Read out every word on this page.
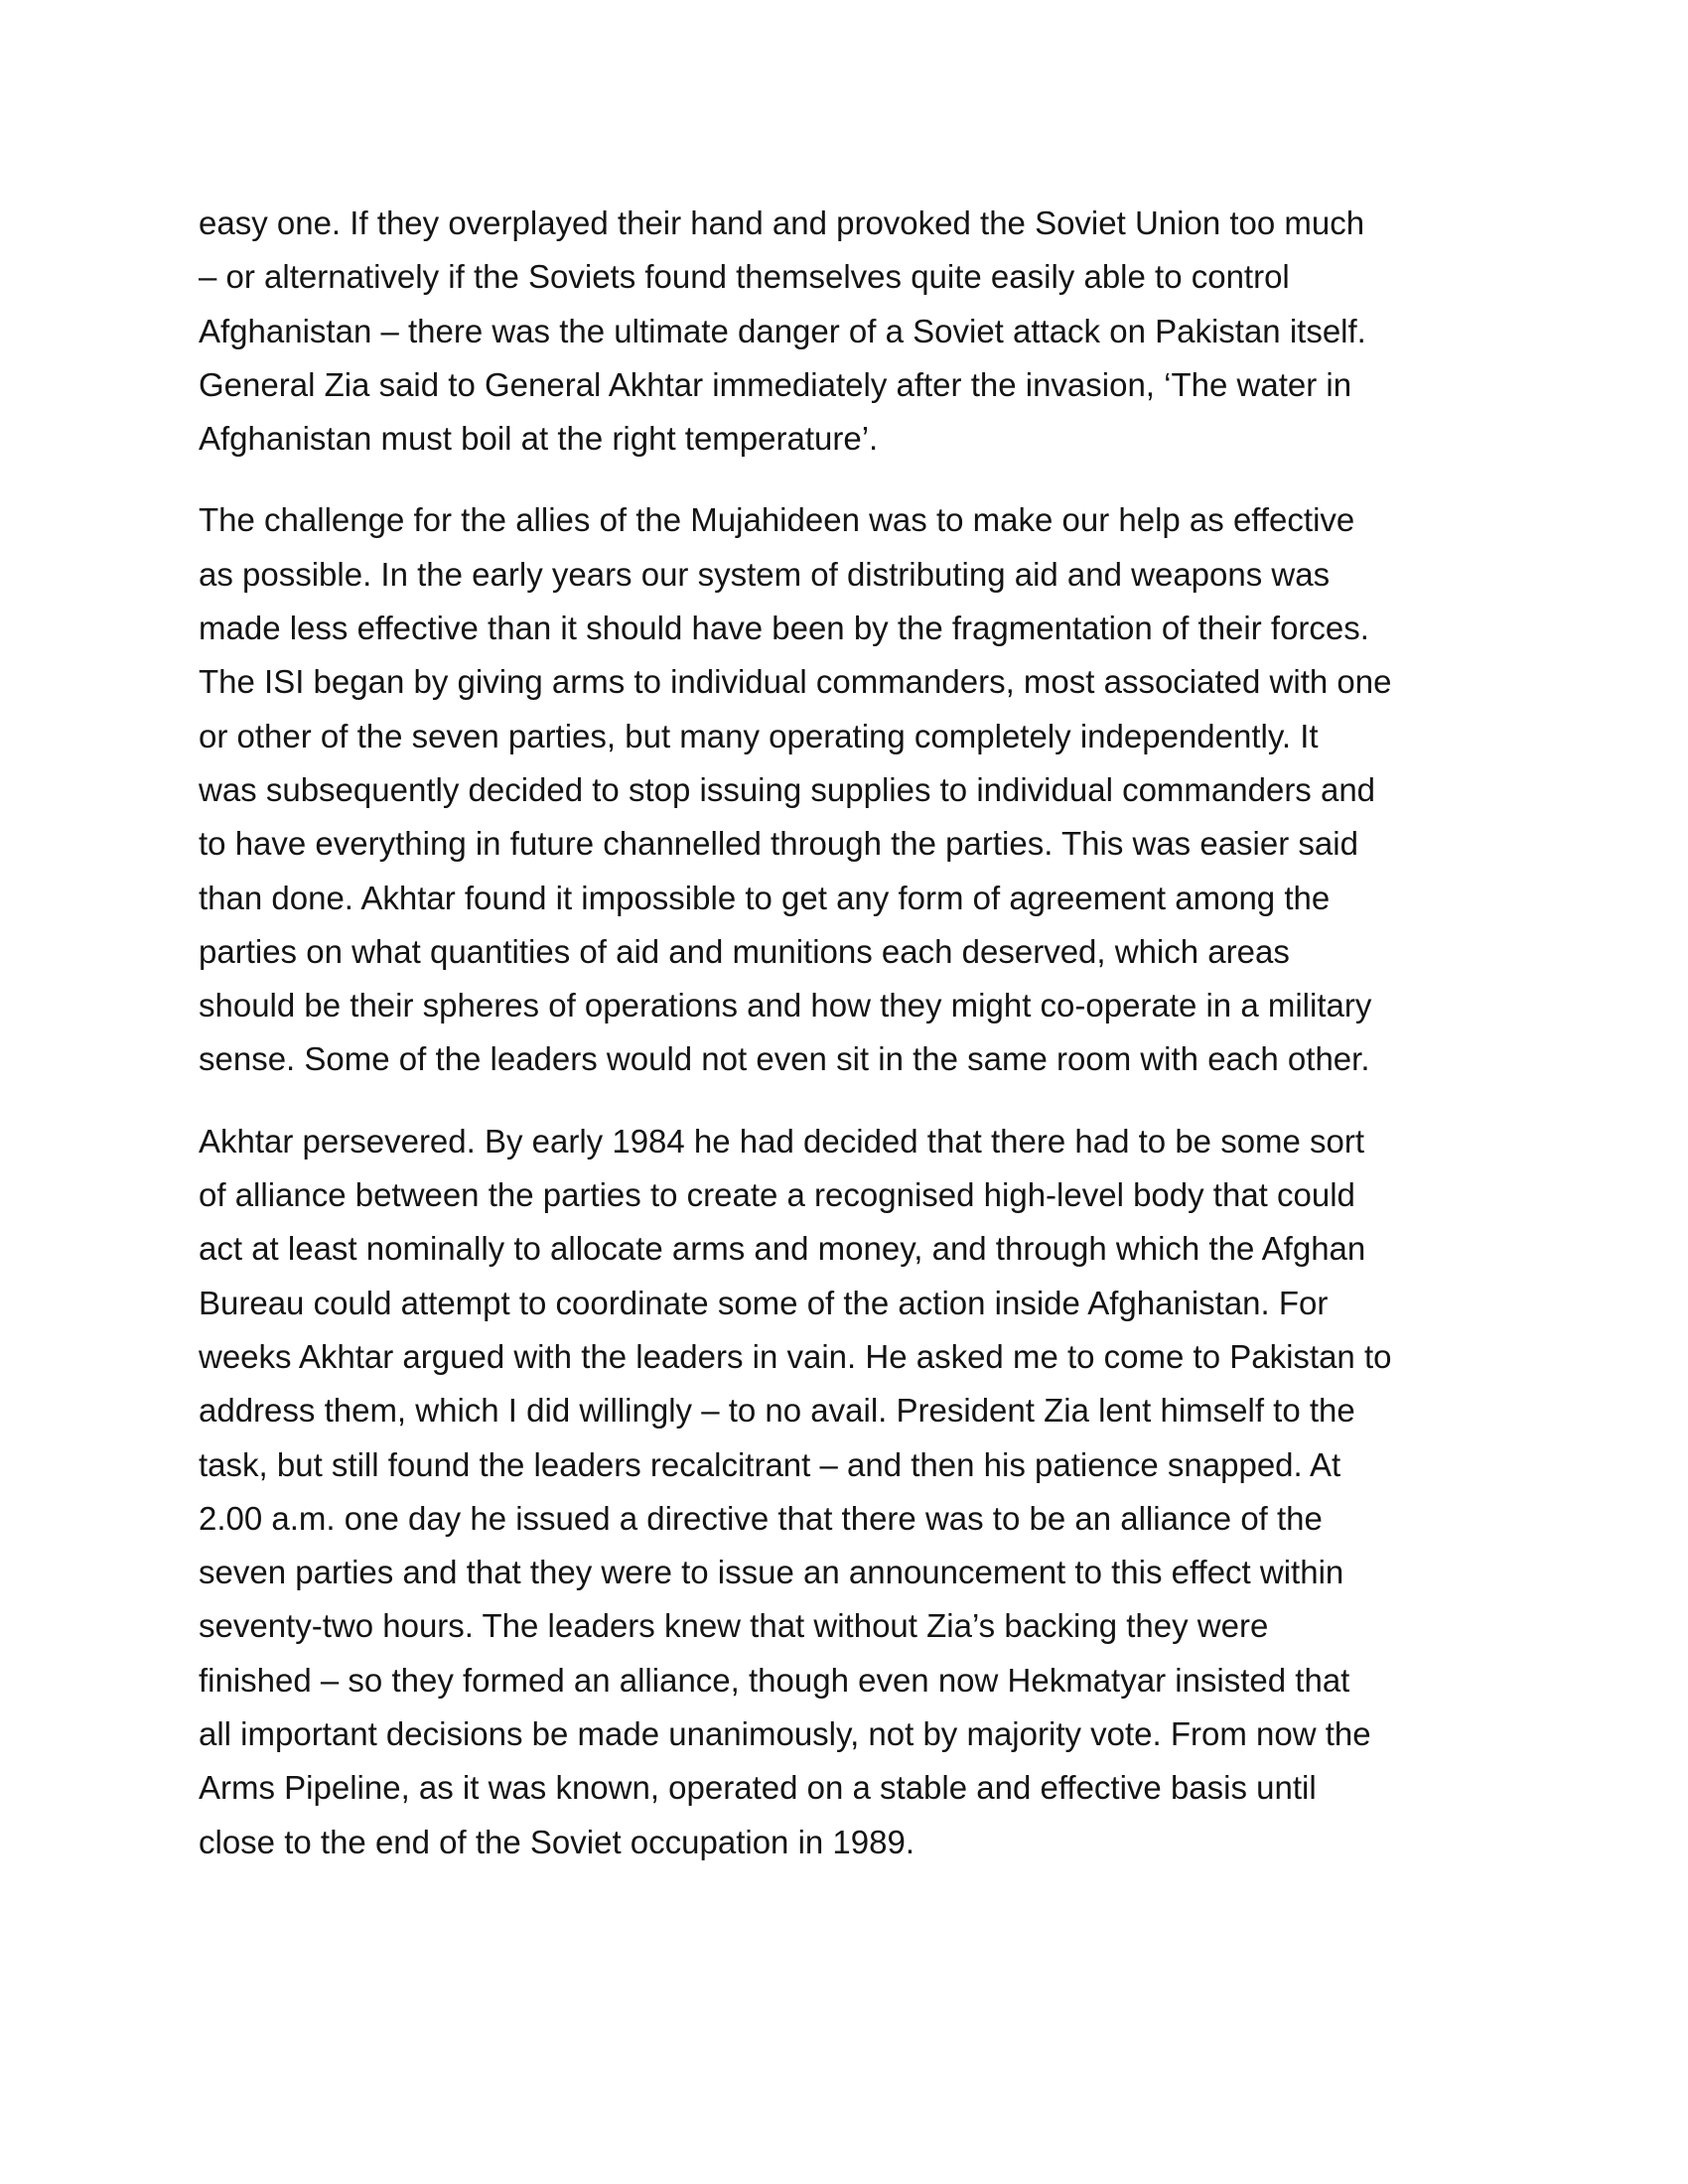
easy one. If they overplayed their hand and provoked the Soviet Union too much
– or alternatively if the Soviets found themselves quite easily able to control
Afghanistan – there was the ultimate danger of a Soviet attack on Pakistan itself.
General Zia said to General Akhtar immediately after the invasion, ‘The water in
Afghanistan must boil at the right temperature’.
The challenge for the allies of the Mujahideen was to make our help as effective
as possible. In the early years our system of distributing aid and weapons was
made less effective than it should have been by the fragmentation of their forces.
The ISI began by giving arms to individual commanders, most associated with one
or other of the seven parties, but many operating completely independently. It
was subsequently decided to stop issuing supplies to individual commanders and
to have everything in future channelled through the parties. This was easier said
than done. Akhtar found it impossible to get any form of agreement among the
parties on what quantities of aid and munitions each deserved, which areas
should be their spheres of operations and how they might co-operate in a military
sense. Some of the leaders would not even sit in the same room with each other.
Akhtar persevered. By early 1984 he had decided that there had to be some sort
of alliance between the parties to create a recognised high-level body that could
act at least nominally to allocate arms and money, and through which the Afghan
Bureau could attempt to coordinate some of the action inside Afghanistan. For
weeks Akhtar argued with the leaders in vain. He asked me to come to Pakistan to
address them, which I did willingly – to no avail. President Zia lent himself to the
task, but still found the leaders recalcitrant – and then his patience snapped. At
2.00 a.m. one day he issued a directive that there was to be an alliance of the
seven parties and that they were to issue an announcement to this effect within
seventy-two hours. The leaders knew that without Zia’s backing they were
finished – so they formed an alliance, though even now Hekmatyar insisted that
all important decisions be made unanimously, not by majority vote. From now the
Arms Pipeline, as it was known, operated on a stable and effective basis until
close to the end of the Soviet occupation in 1989.
